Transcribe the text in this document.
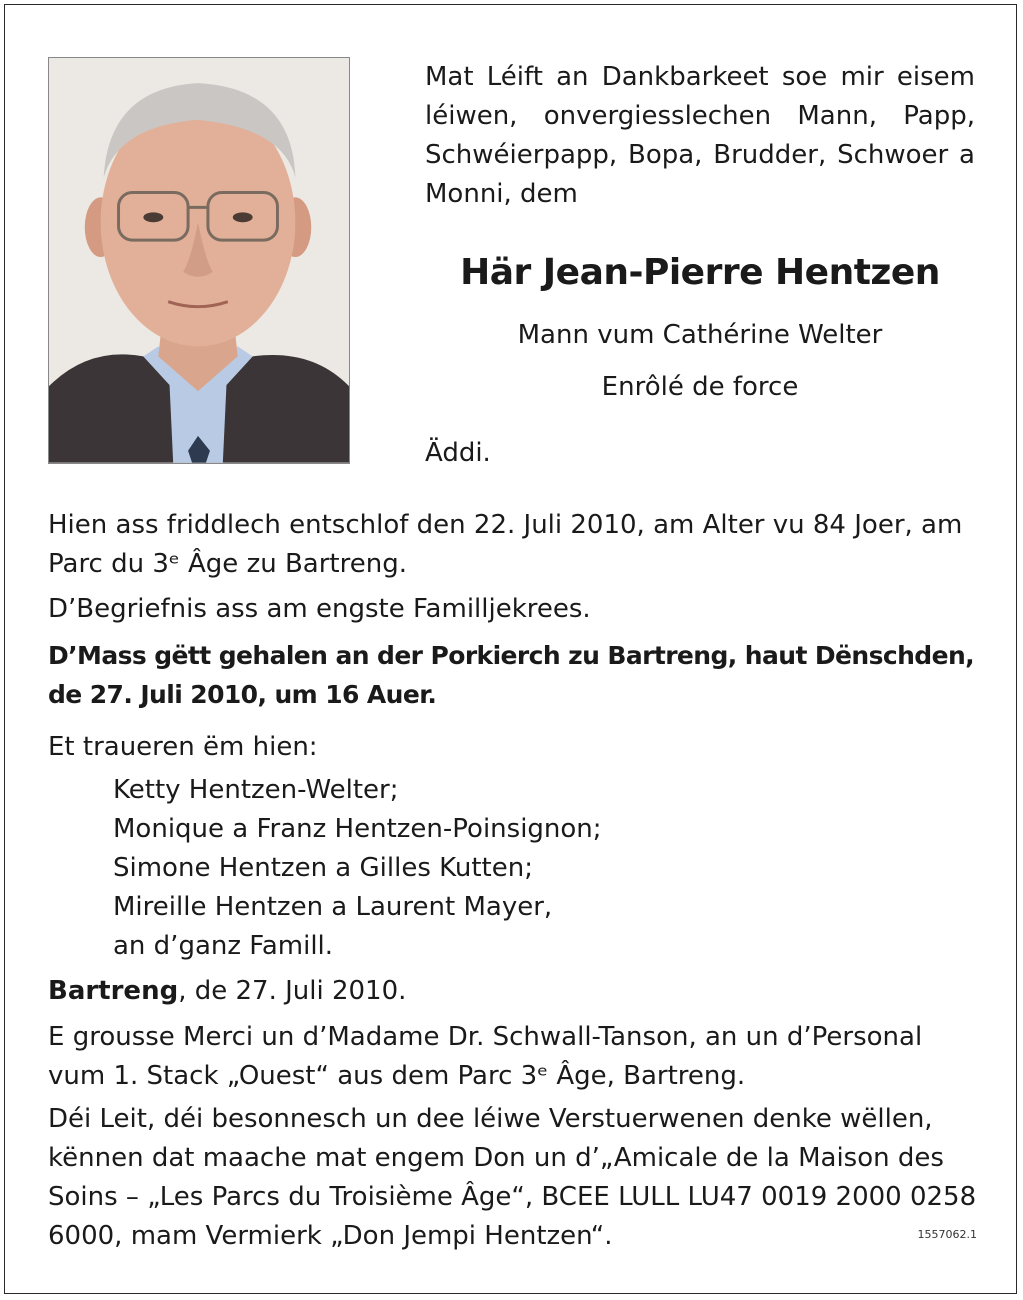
Mat Léift an Dankbarkeet soe mir eisem léiwen, onvergiesslechen Mann, Papp, Schwéierpapp, Bopa, Brudder, Schwoer a Monni, dem
Här Jean-Pierre Hentzen
Mann vum Cathérine Welter
Enrôlé de force
Äddi.

Hien ass friddlech entschlof den 22. Juli 2010, am Alter vu 84 Joer, am Parc du 3ᵉ Âge zu Bartreng.

D’Begriefnis ass am engste Familljekrees.

D’Mass gëtt gehalen an der Porkierch zu Bartreng, haut Dënschden, de 27. Juli 2010, um 16 Auer.

Et traueren ëm hien:

Ketty Hentzen-Welter;
Monique a Franz Hentzen-Poinsignon;
Simone Hentzen a Gilles Kutten;
Mireille Hentzen a Laurent Mayer,
an d’ganz Famill.

Bartreng, de 27. Juli 2010.

E grousse Merci un d’Madame Dr. Schwall-Tanson, an un d’Personal vum 1. Stack „Ouest“ aus dem Parc 3ᵉ Âge, Bartreng.

Déi Leit, déi besonnesch un dee léiwe Verstuerwenen denke wëllen, kënnen dat maache mat engem Don un d’„Amicale de la Maison des Soins – „Les Parcs du Troisième Âge“, BCEE LULL LU47 0019 2000 0258 6000, mam Vermierk „Don Jempi Hentzen“.	1557062.1
